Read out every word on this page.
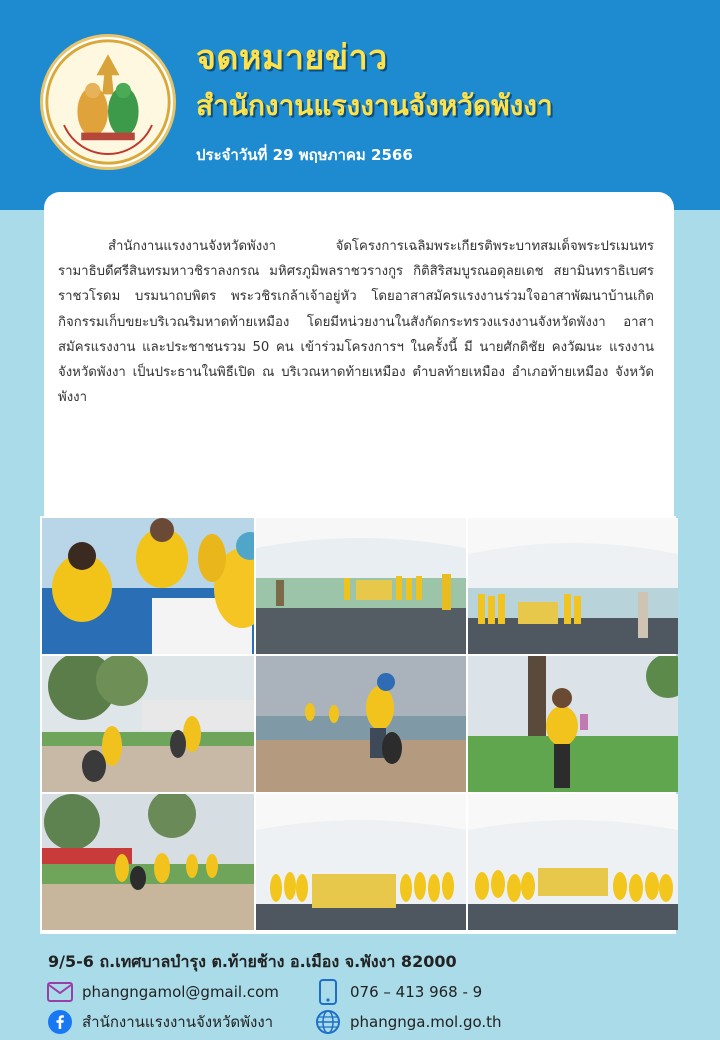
จดหมายข่าว
สำนักงานแรงงานจังหวัดพังงา
ประจำวันที่ 29 พฤษภาคม 2566

สำนักงานแรงงานจังหวัดพังงา จัดโครงการเฉลิมพระเกียรติพระบาทสมเด็จพระปรเมนทรรามาธิบดีศรีสินทรมหาวชิราลงกรณ มหิศรภูมิพลราชวรางกูร กิติสิริสมบูรณอดุลยเดช สยามินทราธิเบศรราชวโรดม บรมนาถบพิตร พระวชิรเกล้าเจ้าอยู่หัว โดยอาสาสมัครแรงงานร่วมใจอาสาพัฒนาบ้านเกิด กิจกรรมเก็บขยะบริเวณริมหาดท้ายเหมือง โดยมีหน่วยงานในสังกัดกระทรวงแรงงานจังหวัดพังงา อาสาสมัครแรงงาน และประชาชนรวม 50 คน เข้าร่วมโครงการฯ ในครั้งนี้ มี นายศักดิชัย คงวัฒนะ แรงงานจังหวัดพังงา เป็นประธานในพิธีเปิด ณ บริเวณหาดท้ายเหมือง ตำบลท้ายเหมือง อำเภอท้ายเหมือง จังหวัดพังงา

9/5-6 ถ.เทศบาลบำรุง ต.ท้ายช้าง อ.เมือง จ.พังงา 82000
phangngamol@gmail.com
สำนักงานแรงงานจังหวัดพังงา
076 – 413 968 - 9
phangnga.mol.go.th
